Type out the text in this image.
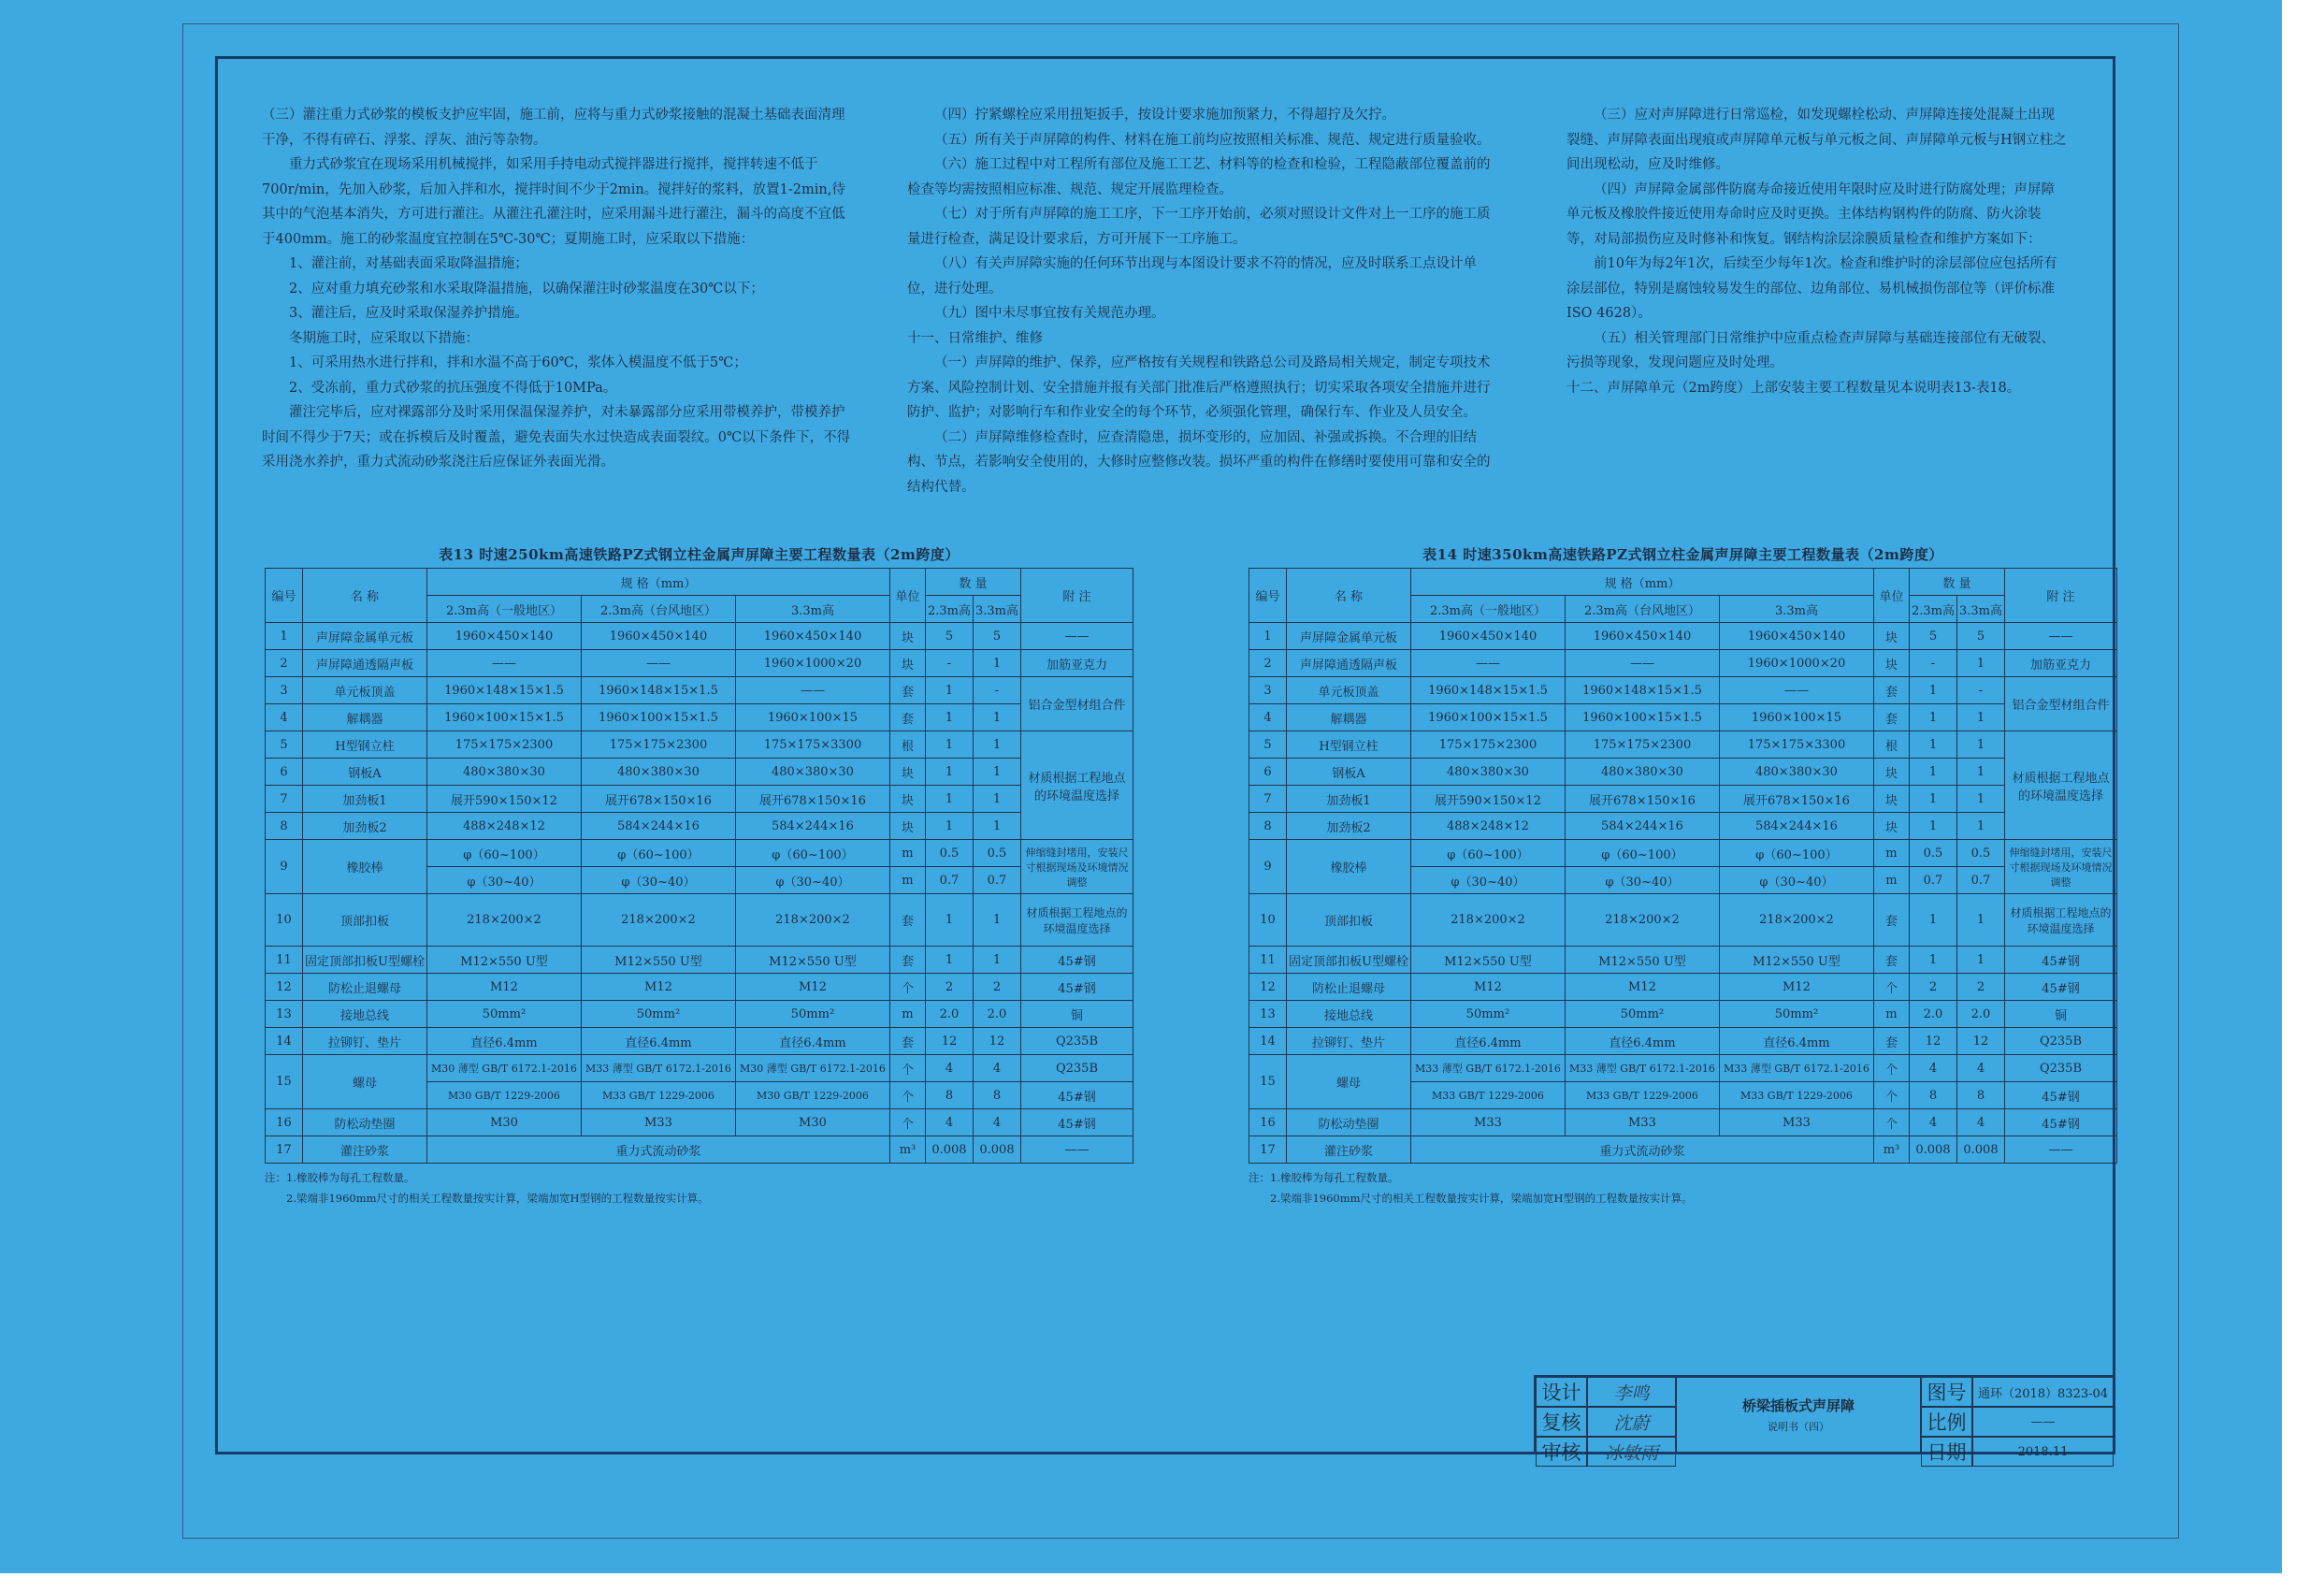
（三）灌注重力式砂浆的模板支护应牢固，施工前，应将与重力式砂浆接触的混凝土基础表面清理干净，不得有碎石、浮浆、浮灰、油污等杂物。

重力式砂浆宜在现场采用机械搅拌，如采用手持电动式搅拌器进行搅拌，搅拌转速不低于700r/min，先加入砂浆，后加入拌和水，搅拌时间不少于2min。搅拌好的浆料，放置1-2min,待其中的气泡基本消失，方可进行灌注。从灌注孔灌注时，应采用漏斗进行灌注，漏斗的高度不宜低于400mm。施工的砂浆温度宜控制在5℃-30℃；夏期施工时，应采取以下措施：

1、灌注前，对基础表面采取降温措施；

2、应对重力填充砂浆和水采取降温措施，以确保灌注时砂浆温度在30℃以下；

3、灌注后，应及时采取保湿养护措施。

冬期施工时，应采取以下措施：

1、可采用热水进行拌和，拌和水温不高于60℃，浆体入模温度不低于5℃；

2、受冻前，重力式砂浆的抗压强度不得低于10MPa。

灌注完毕后，应对裸露部分及时采用保温保湿养护，对未暴露部分应采用带模养护，带模养护时间不得少于7天；或在拆模后及时覆盖，避免表面失水过快造成表面裂纹。0℃以下条件下，不得采用浇水养护，重力式流动砂浆浇注后应保证外表面光滑。

（四）拧紧螺栓应采用扭矩扳手，按设计要求施加预紧力，不得超拧及欠拧。

（五）所有关于声屏障的构件、材料在施工前均应按照相关标准、规范、规定进行质量验收。

（六）施工过程中对工程所有部位及施工工艺、材料等的检查和检验，工程隐蔽部位覆盖前的检查等均需按照相应标准、规范、规定开展监理检查。

（七）对于所有声屏障的施工工序，下一工序开始前，必须对照设计文件对上一工序的施工质量进行检查，满足设计要求后，方可开展下一工序施工。

（八）有关声屏障实施的任何环节出现与本图设计要求不符的情况，应及时联系工点设计单位，进行处理。

（九）图中未尽事宜按有关规范办理。

十一、日常维护、维修

（一）声屏障的维护、保养，应严格按有关规程和铁路总公司及路局相关规定，制定专项技术方案、风险控制计划、安全措施并报有关部门批准后严格遵照执行；切实采取各项安全措施并进行防护、监护；对影响行车和作业安全的每个环节，必须强化管理，确保行车、作业及人员安全。

（二）声屏障维修检查时，应查清隐患，损坏变形的，应加固、补强或拆换。不合理的旧结构、节点，若影响安全使用的，大修时应整修改装。损坏严重的构件在修缮时要使用可靠和安全的结构代替。

（三）应对声屏障进行日常巡检，如发现螺栓松动、声屏障连接处混凝土出现裂缝、声屏障表面出现痕或声屏障单元板与单元板之间、声屏障单元板与H钢立柱之间出现松动，应及时维修。

（四）声屏障金属部件防腐寿命接近使用年限时应及时进行防腐处理；声屏障单元板及橡胶件接近使用寿命时应及时更换。主体结构钢构件的防腐、防火涂装等，对局部损伤应及时修补和恢复。钢结构涂层涂膜质量检查和维护方案如下：

前10年为每2年1次，后续至少每年1次。检查和维护时的涂层部位应包括所有涂层部位，特别是腐蚀较易发生的部位、边角部位、易机械损伤部位等（评价标准ISO 4628）。

（五）相关管理部门日常维护中应重点检查声屏障与基础连接部位有无破裂、污损等现象，发现问题应及时处理。

十二、声屏障单元（2m跨度）上部安装主要工程数量见本说明表13-表18。

表13 时速250km高速铁路PZ式钢立柱金属声屏障主要工程数量表（2m跨度）
编号	名 称	规 格（mm）			单位	数 量		附 注
		2.3m高（一般地区）	2.3m高（台风地区）	3.3m高		2.3m高	3.3m高	
1	声屏障金属单元板	1960×450×140	1960×450×140	1960×450×140	块	5	5	——
2	声屏障通透隔声板	——	——	1960×1000×20	块	-	1	加筋亚克力
3	单元板顶盖	1960×148×15×1.5	1960×148×15×1.5	——	套	1	-	铝合金型材组合件
4	解耦器	1960×100×15×1.5	1960×100×15×1.5	1960×100×15	套	1	1	
5	H型钢立柱	175×175×2300	175×175×2300	175×175×3300	根	1	1	材质根据工程地点的环境温度选择
6	钢板A	480×380×30	480×380×30	480×380×30	块	1	1	
7	加劲板1	展开590×150×12	展开678×150×16	展开678×150×16	块	1	1	
8	加劲板2	488×248×12	584×244×16	584×244×16	块	1	1	
9	橡胶棒	φ（60~100）	φ（60~100）	φ（60~100）	m	0.5	0.5	伸缩缝封堵用，安装尺寸根据现场及环境情况调整
		φ（30~40）	φ（30~40）	φ（30~40）	m	0.7	0.7	
10	顶部扣板	218×200×2	218×200×2	218×200×2	套	1	1	材质根据工程地点的环境温度选择
11	固定顶部扣板U型螺栓	M12×550 U型	M12×550 U型	M12×550 U型	套	1	1	45#钢
12	防松止退螺母	M12	M12	M12	个	2	2	45#钢
13	接地总线	50mm²	50mm²	50mm²	m	2.0	2.0	铜
14	拉铆钉、垫片	直径6.4mm	直径6.4mm	直径6.4mm	套	12	12	Q235B
15	螺母	M30 薄型 GB/T 6172.1-2016	M33 薄型 GB/T 6172.1-2016	M30 薄型 GB/T 6172.1-2016	个	4	4	Q235B
		M30 GB/T 1229-2006	M33 GB/T 1229-2006	M30 GB/T 1229-2006	个	8	8	45#钢
16	防松动垫圈	M30	M33	M30	个	4	4	45#钢
17	灌注砂浆	重力式流动砂浆			m³	0.008	0.008	——
注：1.橡胶棒为每孔工程数量。
2.梁端非1960mm尺寸的相关工程数量按实计算，梁端加宽H型钢的工程数量按实计算。
表14 时速350km高速铁路PZ式钢立柱金属声屏障主要工程数量表（2m跨度）
编号	名 称	规 格（mm）			单位	数 量		附 注
		2.3m高（一般地区）	2.3m高（台风地区）	3.3m高		2.3m高	3.3m高	
1	声屏障金属单元板	1960×450×140	1960×450×140	1960×450×140	块	5	5	——
2	声屏障通透隔声板	——	——	1960×1000×20	块	-	1	加筋亚克力
3	单元板顶盖	1960×148×15×1.5	1960×148×15×1.5	——	套	1	-	铝合金型材组合件
4	解耦器	1960×100×15×1.5	1960×100×15×1.5	1960×100×15	套	1	1	
5	H型钢立柱	175×175×2300	175×175×2300	175×175×3300	根	1	1	材质根据工程地点的环境温度选择
6	钢板A	480×380×30	480×380×30	480×380×30	块	1	1	
7	加劲板1	展开590×150×12	展开678×150×16	展开678×150×16	块	1	1	
8	加劲板2	488×248×12	584×244×16	584×244×16	块	1	1	
9	橡胶棒	φ（60~100）	φ（60~100）	φ（60~100）	m	0.5	0.5	伸缩缝封堵用，安装尺寸根据现场及环境情况调整
		φ（30~40）	φ（30~40）	φ（30~40）	m	0.7	0.7	
10	顶部扣板	218×200×2	218×200×2	218×200×2	套	1	1	材质根据工程地点的环境温度选择
11	固定顶部扣板U型螺栓	M12×550 U型	M12×550 U型	M12×550 U型	套	1	1	45#钢
12	防松止退螺母	M12	M12	M12	个	2	2	45#钢
13	接地总线	50mm²	50mm²	50mm²	m	2.0	2.0	铜
14	拉铆钉、垫片	直径6.4mm	直径6.4mm	直径6.4mm	套	12	12	Q235B
15	螺母	M33 薄型 GB/T 6172.1-2016	M33 薄型 GB/T 6172.1-2016	M33 薄型 GB/T 6172.1-2016	个	4	4	Q235B
		M33 GB/T 1229-2006	M33 GB/T 1229-2006	M33 GB/T 1229-2006	个	8	8	45#钢
16	防松动垫圈	M33	M33	M33	个	4	4	45#钢
17	灌注砂浆	重力式流动砂浆			m³	0.008	0.008	——
注：1.橡胶棒为每孔工程数量。
2.梁端非1960mm尺寸的相关工程数量按实计算，梁端加宽H型钢的工程数量按实计算。
设计	李鸣
复核	沈蔚
审核	冰敏雨
桥梁插板式声屏障
说明书（四）
图号 通环（2018）8323-04
比例	——
日期	2018.11
